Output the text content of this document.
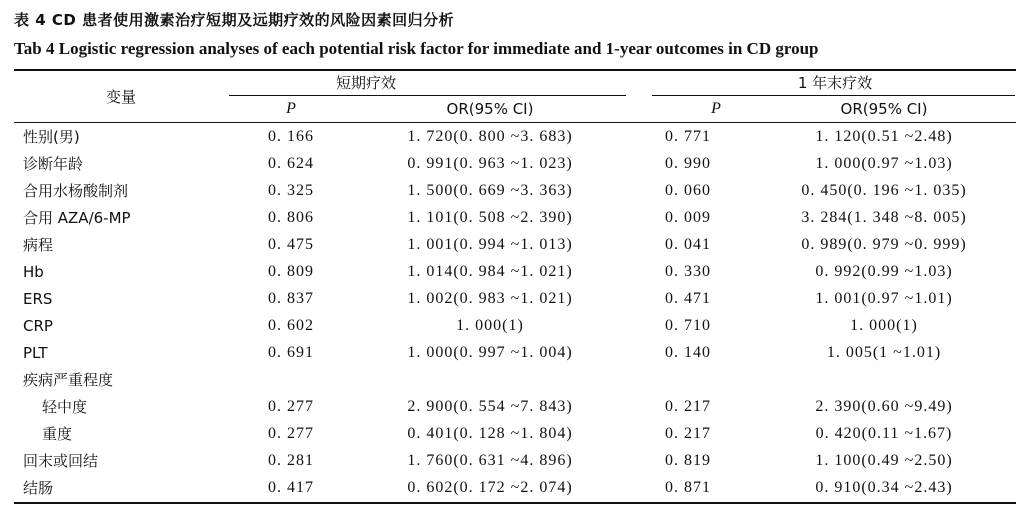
表 4 CD 患者使用激素治疗短期及远期疗效的风险因素回归分析
Tab 4 Logistic regression analyses of each potential risk factor for immediate and 1-year outcomes in CD group
变量
短期疗效	1 年末疗效
P	OR(95% CI)	P	OR(95% CI)
性别(男)	0. 166	1. 720(0. 800 ~3. 683)	0. 771	1. 120(0.51 ~2.48)
诊断年龄	0. 624	0. 991(0. 963 ~1. 023)	0. 990	1. 000(0.97 ~1.03)
合用水杨酸制剂	0. 325	1. 500(0. 669 ~3. 363)	0. 060	0. 450(0. 196 ~1. 035)
合用 AZA/6-MP	0. 806	1. 101(0. 508 ~2. 390)	0. 009	3. 284(1. 348 ~8. 005)
病程	0. 475	1. 001(0. 994 ~1. 013)	0. 041	0. 989(0. 979 ~0. 999)
Hb	0. 809	1. 014(0. 984 ~1. 021)	0. 330	0. 992(0.99 ~1.03)
ERS	0. 837	1. 002(0. 983 ~1. 021)	0. 471	1. 001(0.97 ~1.01)
CRP	0. 602	1. 000(1)	0. 710	1. 000(1)
PLT	0. 691	1. 000(0. 997 ~1. 004)	0. 140	1. 005(1 ~1.01)
疾病严重程度
轻中度	0. 277	2. 900(0. 554 ~7. 843)	0. 217	2. 390(0.60 ~9.49)
重度	0. 277	0. 401(0. 128 ~1. 804)	0. 217	0. 420(0.11 ~1.67)
回末或回结	0. 281	1. 760(0. 631 ~4. 896)	0. 819	1. 100(0.49 ~2.50)
结肠	0. 417	0. 602(0. 172 ~2. 074)	0. 871	0. 910(0.34 ~2.43)
